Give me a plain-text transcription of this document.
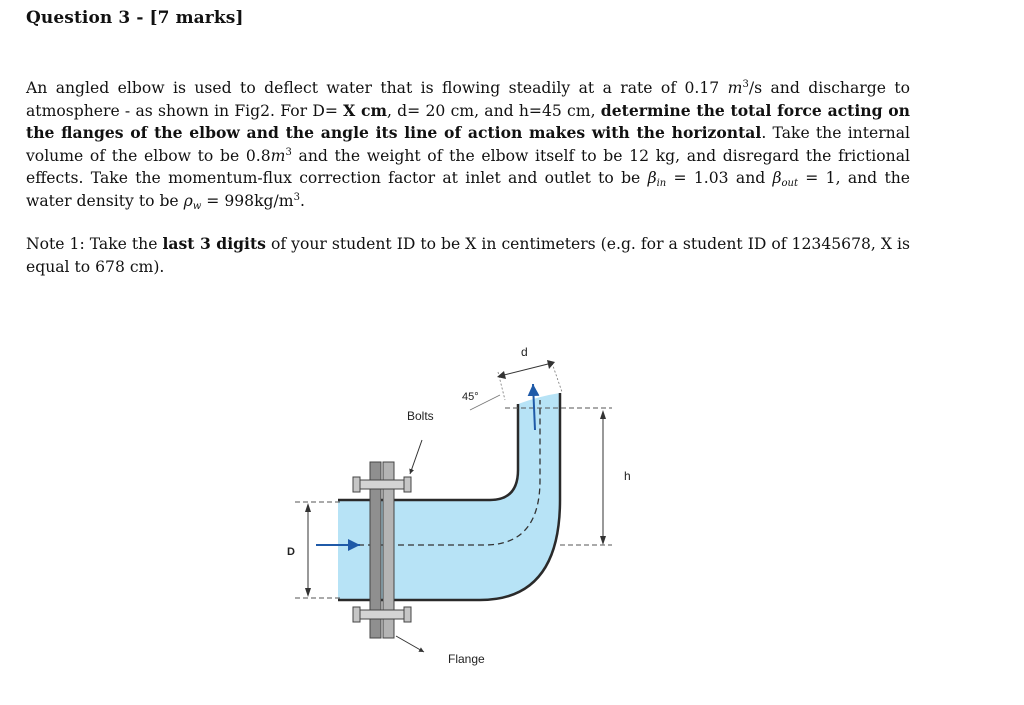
Question 3 - [7 marks]
An angled elbow is used to deflect water that is flowing steadily at a rate of 0.17 $m^3/s$ and discharge to atmosphere - as shown in Fig2. For D= X cm, d= 20 cm, and h=45 cm, determine the total force acting on the flanges of the elbow and the angle its line of action makes with the horizontal. Take the internal volume of the elbow to be $0.8m^3$ and the weight of the elbow itself to be 12 kg, and disregard the frictional effects. Take the momentum-flux correction factor at inlet and outlet to be $\beta_{in} = 1.03$ and $\beta_{out} = 1$, and the water density to be $\rho_w = 998kg/m^3$.
Note 1: Take the last 3 digits of your student ID to be X in centimeters (e.g. for a student ID of 12345678, X is equal to 678 cm).
d
45°
Bolts
h
D
Flange
